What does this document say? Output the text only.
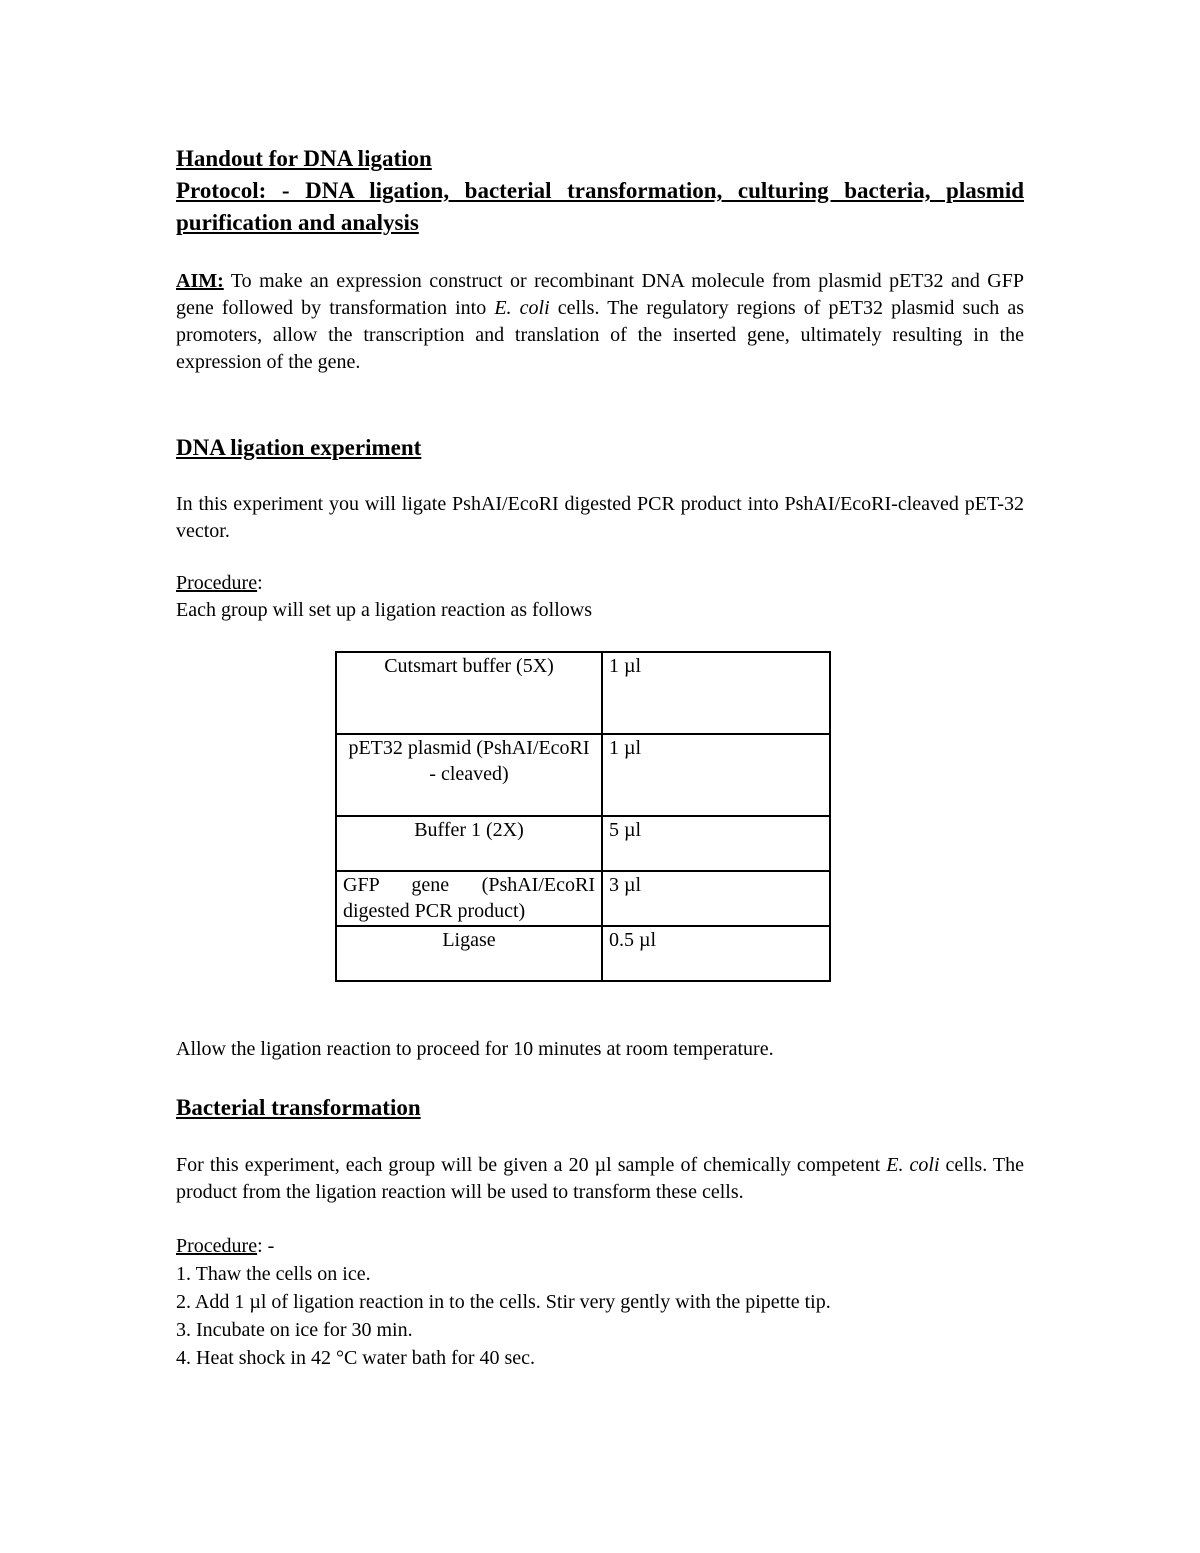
Handout for DNA ligation
Protocol: - DNA ligation, bacterial transformation, culturing bacteria, plasmid purification and analysis

AIM: To make an expression construct or recombinant DNA molecule from plasmid pET32 and GFP gene followed by transformation into E. coli cells. The regulatory regions of pET32 plasmid such as promoters, allow the transcription and translation of the inserted gene, ultimately resulting in the expression of the gene.

DNA ligation experiment

In this experiment you will ligate PshAI/EcoRI digested PCR product into PshAI/EcoRI-cleaved pET-32 vector.

Procedure:

Each group will set up a ligation reaction as follows

Cutsmart buffer (5X)	1 µl
pET32 plasmid (PshAI/EcoRI - cleaved)	1 µl
Buffer 1 (2X)	5 µl
GFP gene (PshAI/EcoRI digested PCR product)	3 µl
Ligase	0.5 µl

Allow the ligation reaction to proceed for 10 minutes at room temperature.

Bacterial transformation

For this experiment, each group will be given a 20 µl sample of chemically competent E. coli cells. The product from the ligation reaction will be used to transform these cells.

Procedure: -

1. Thaw the cells on ice.
2. Add 1 µl of ligation reaction in to the cells. Stir very gently with the pipette tip.
3. Incubate on ice for 30 min.
4. Heat shock in 42 °C water bath for 40 sec.
